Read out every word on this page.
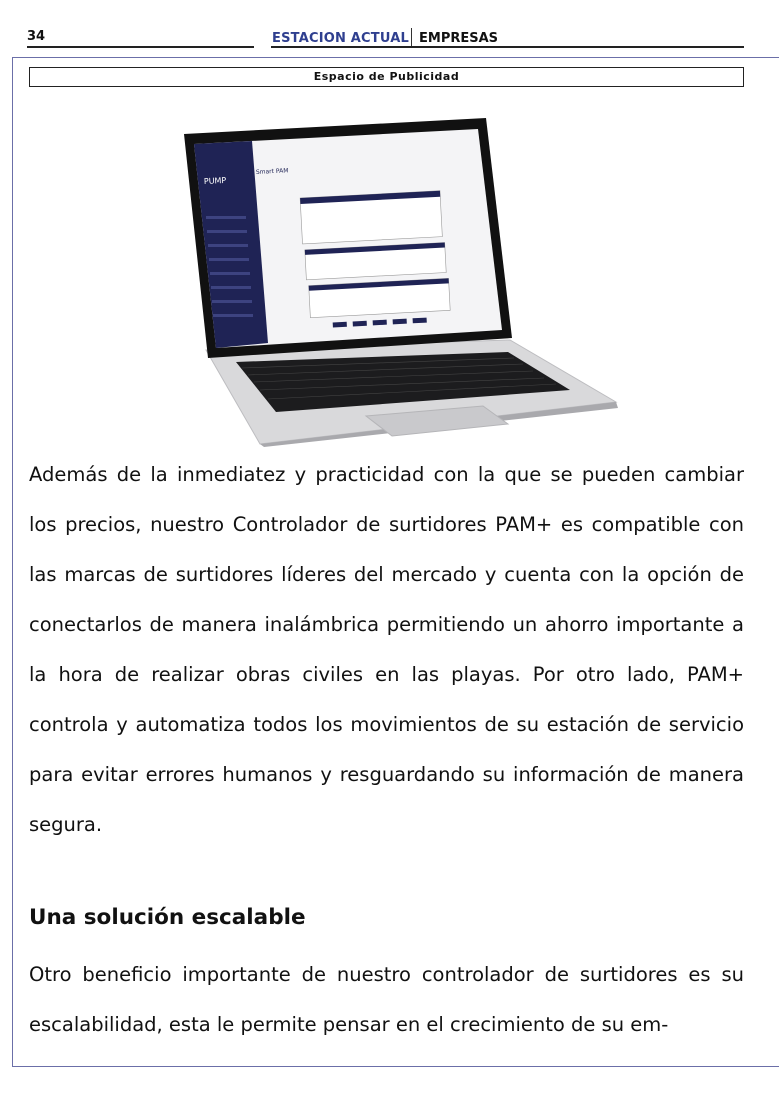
34	ESTACION ACTUAL EMPRESAS
Espacio de Publicidad
PUMP
Smart PAM
Además de la inmediatez y practicidad con la que se pueden cambiar los precios, nuestro Controlador de surtidores PAM+ es compatible con las marcas de surtidores líderes del mercado y cuenta con la opción de conectarlos de manera inalámbrica permitiendo un ahorro importante a la hora de realizar obras civiles en las playas. Por otro lado, PAM+ controla y automatiza todos los movimientos de su estación de servicio para evitar errores humanos y resguardando su información de manera segura.
Una solución escalable
Otro beneficio importante de nuestro controlador de surtidores es su escalabilidad, esta le permite pensar en el crecimiento de su em-
